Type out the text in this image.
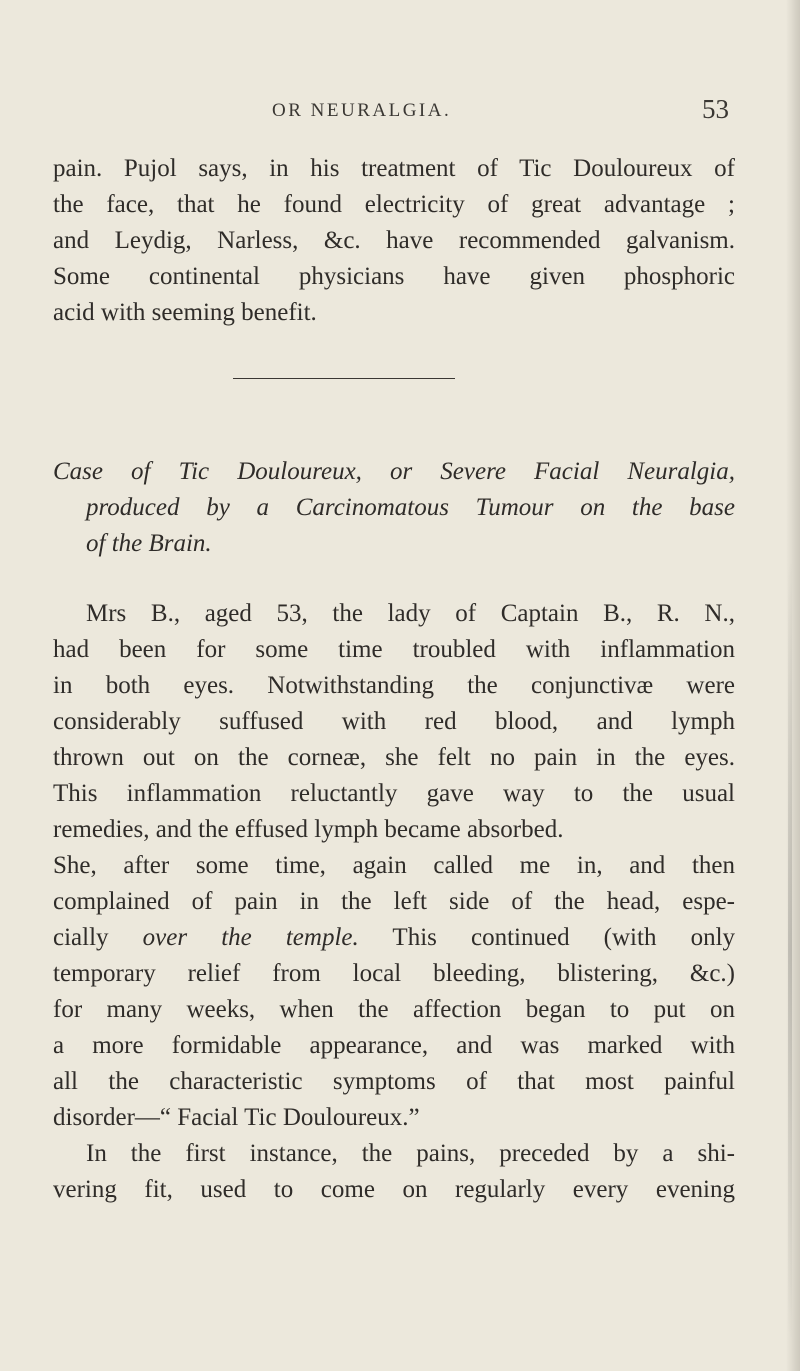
OR NEURALGIA.	53
pain. Pujol says, in his treatment of Tic Douloureux of
the face, that he found electricity of great advantage ;
and Leydig, Narless, &c. have recommended galvanism.
Some continental physicians have given phosphoric
acid with seeming benefit.
Case of Tic Douloureux, or Severe Facial Neuralgia,
produced by a Carcinomatous Tumour on the base
of the Brain.
Mrs B., aged 53, the lady of Captain B., R. N.,
had been for some time troubled with inflammation
in both eyes. Notwithstanding the conjunctivæ were
considerably suffused with red blood, and lymph
thrown out on the corneæ, she felt no pain in the eyes.
This inflammation reluctantly gave way to the usual
remedies, and the effused lymph became absorbed.
She, after some time, again called me in, and then
complained of pain in the left side of the head, espe-
cially over the temple. This continued (with only
temporary relief from local bleeding, blistering, &c.)
for many weeks, when the affection began to put on
a more formidable appearance, and was marked with
all the characteristic symptoms of that most painful
disorder—“ Facial Tic Douloureux.”
In the first instance, the pains, preceded by a shi-
vering fit, used to come on regularly every evening
